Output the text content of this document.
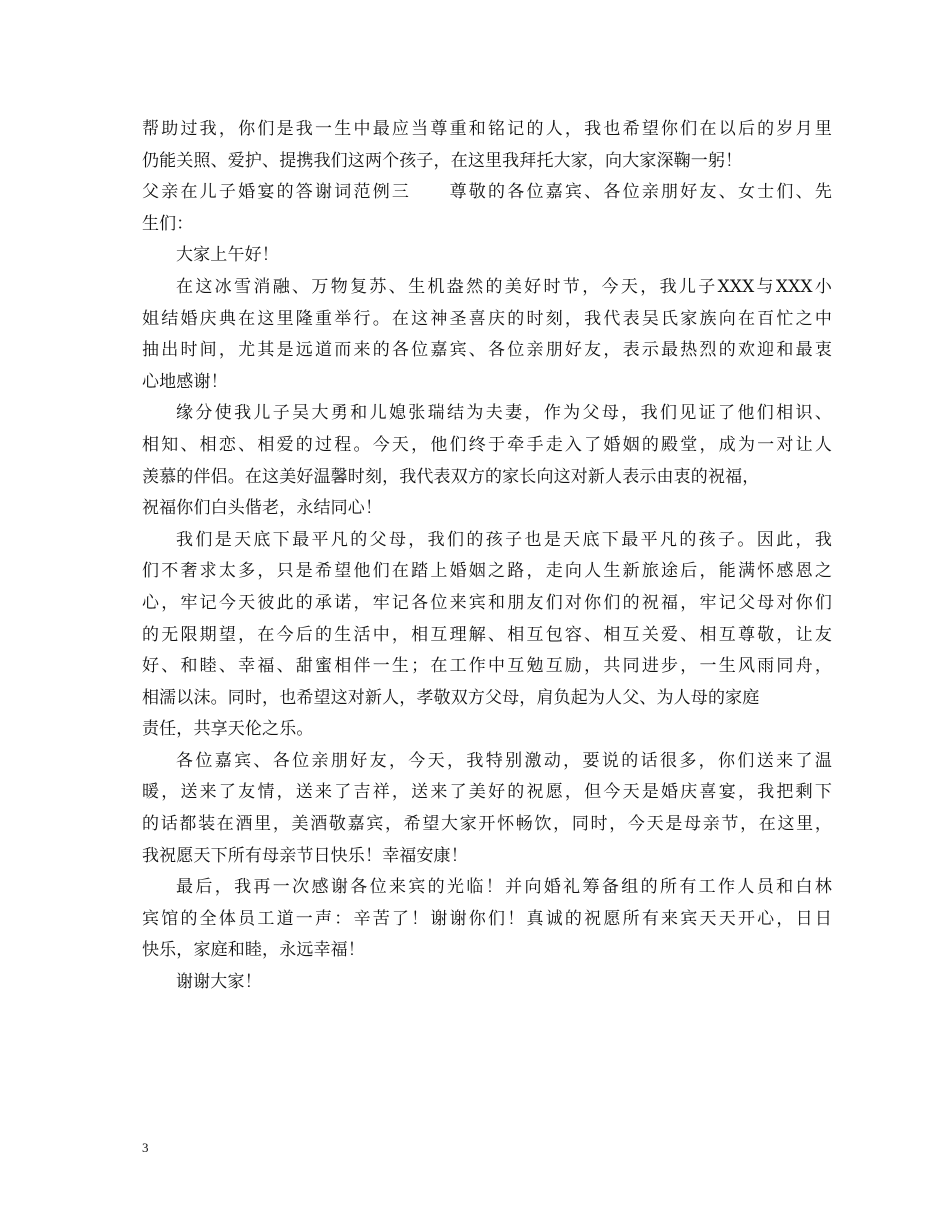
帮助过我，你们是我一生中最应当尊重和铭记的人，我也希望你们在以后的岁月里
仍能关照、爱护、提携我们这两个孩子，在这里我拜托大家，向大家深鞠一躬！
父亲在儿子婚宴的答谢词范例三　　尊敬的各位嘉宾、各位亲朋好友、女士们、先
生们：
大家上午好！
在这冰雪消融、万物复苏、生机盎然的美好时节，今天，我儿子XXX与XXX小
姐结婚庆典在这里隆重举行。在这神圣喜庆的时刻，我代表吴氏家族向在百忙之中
抽出时间，尤其是远道而来的各位嘉宾、各位亲朋好友，表示最热烈的欢迎和最衷
心地感谢！
缘分使我儿子吴大勇和儿媳张瑞结为夫妻，作为父母，我们见证了他们相识、
相知、相恋、相爱的过程。今天，他们终于牵手走入了婚姻的殿堂，成为一对让人
羡慕的伴侣。在这美好温馨时刻，我代表双方的家长向这对新人表示由衷的祝福，
祝福你们白头偕老，永结同心！
我们是天底下最平凡的父母，我们的孩子也是天底下最平凡的孩子。因此，我
们不奢求太多，只是希望他们在踏上婚姻之路，走向人生新旅途后，能满怀感恩之
心，牢记今天彼此的承诺，牢记各位来宾和朋友们对你们的祝福，牢记父母对你们
的无限期望，在今后的生活中，相互理解、相互包容、相互关爱、相互尊敬，让友
好、和睦、幸福、甜蜜相伴一生；在工作中互勉互励，共同进步，一生风雨同舟，
相濡以沫。同时，也希望这对新人，孝敬双方父母，肩负起为人父、为人母的家庭
责任，共享天伦之乐。
各位嘉宾、各位亲朋好友，今天，我特别激动，要说的话很多，你们送来了温
暖，送来了友情，送来了吉祥，送来了美好的祝愿，但今天是婚庆喜宴，我把剩下
的话都装在酒里，美酒敬嘉宾，希望大家开怀畅饮，同时，今天是母亲节，在这里，
我祝愿天下所有母亲节日快乐！幸福安康！
最后，我再一次感谢各位来宾的光临！并向婚礼筹备组的所有工作人员和白林
宾馆的全体员工道一声：辛苦了！谢谢你们！真诚的祝愿所有来宾天天开心，日日
快乐，家庭和睦，永远幸福！
谢谢大家！
3
